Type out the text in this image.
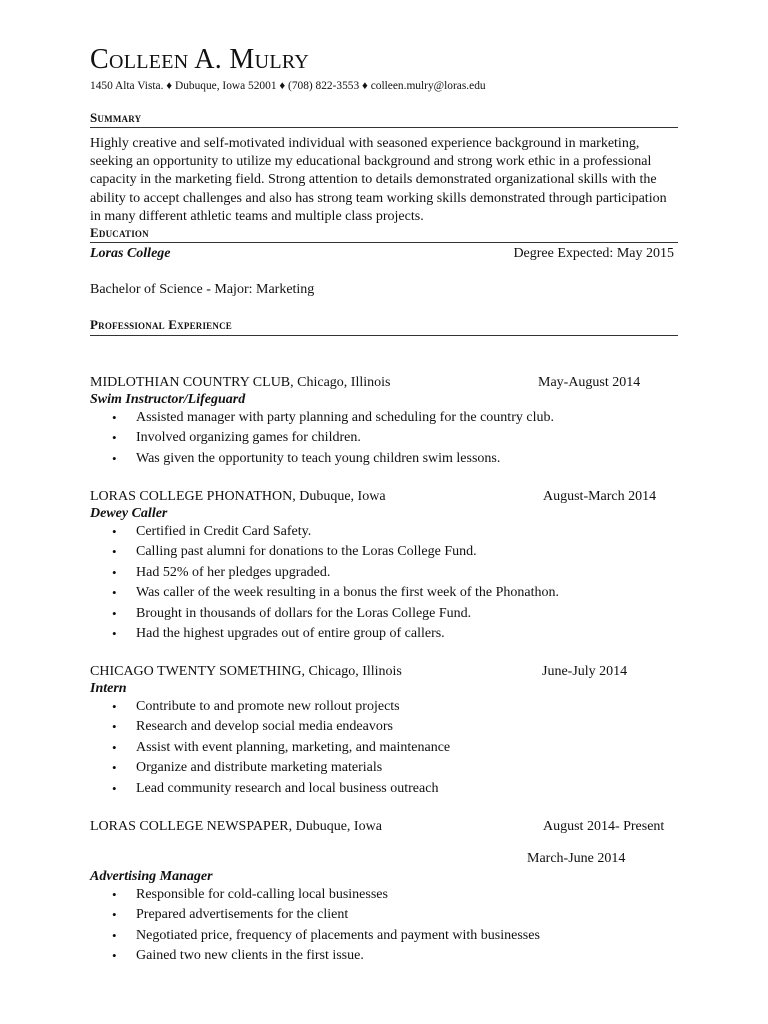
Colleen A. Mulry
1450 Alta Vista. ♦ Dubuque, Iowa 52001 ♦ (708) 822-3553 ♦ colleen.mulry@loras.edu
Summary
Highly creative and self-motivated individual with seasoned experience background in marketing, seeking an opportunity to utilize my educational background and strong work ethic in a professional capacity in the marketing field. Strong attention to details demonstrated organizational skills with the ability to accept challenges and also has strong team working skills demonstrated through participation in many different athletic teams and multiple class projects.
Education
Loras College	Degree Expected: May 2015
Bachelor of Science - Major: Marketing
Professional Experience
MIDLOTHIAN COUNTRY CLUB, Chicago, Illinois	May-August 2014
Swim Instructor/Lifeguard
• Assisted manager with party planning and scheduling for the country club.
• Involved organizing games for children.
• Was given the opportunity to teach young children swim lessons.
LORAS COLLEGE PHONATHON, Dubuque, Iowa	August-March 2014
Dewey Caller
• Certified in Credit Card Safety.
• Calling past alumni for donations to the Loras College Fund.
• Had 52% of her pledges upgraded.
• Was caller of the week resulting in a bonus the first week of the Phonathon.
• Brought in thousands of dollars for the Loras College Fund.
• Had the highest upgrades out of entire group of callers.
CHICAGO TWENTY SOMETHING, Chicago, Illinois	June-July 2014
Intern
• Contribute to and promote new rollout projects
• Research and develop social media endeavors
• Assist with event planning, marketing, and maintenance
• Organize and distribute marketing materials
• Lead community research and local business outreach
LORAS COLLEGE NEWSPAPER, Dubuque, Iowa	August 2014- Present
March-June 2014
Advertising Manager
• Responsible for cold-calling local businesses
• Prepared advertisements for the client
• Negotiated price, frequency of placements and payment with businesses
• Gained two new clients in the first issue.
